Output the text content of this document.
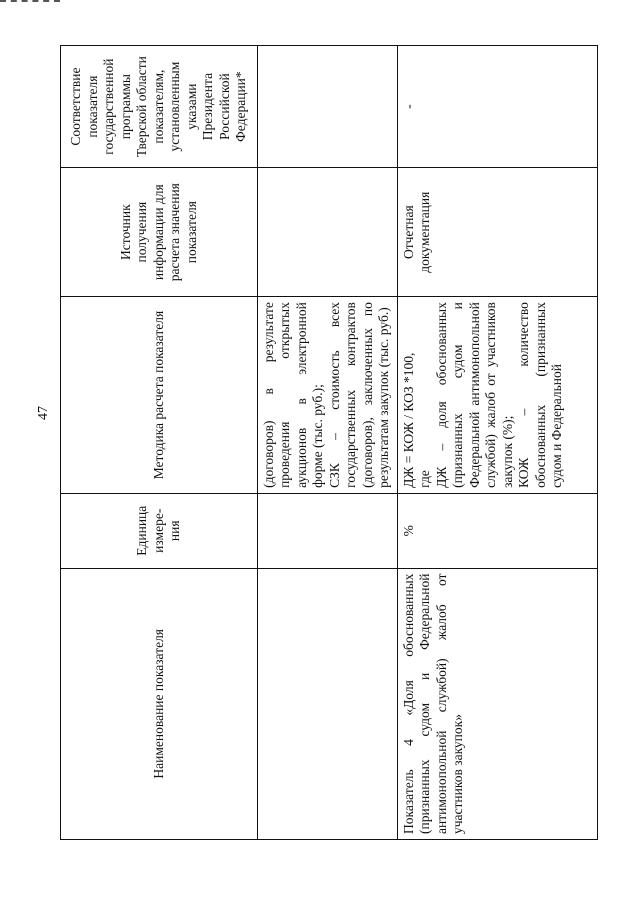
47
Наименование показателя	Единица измере-ния	Методика расчета показателя	Источник получения информации для расчета значения показателя	Соответствие показателя государственной программы Тверской области показателям, установленным указами Президента Российской Федерации*

		(договоров) в результате проведения открытых аукционов в электронной форме (тыс. руб.); СЗК – стоимость всех государственных контрактов (договоров), заключенных по результатам закупок (тыс. руб.)		

Показатель 4 «Доля обоснованных (признанных судом и Федеральной антимонопольной службой) жалоб от участников закупок»	%	ДЖ = КОЖ / КОЗ *100, где ДЖ – доля обоснованных (признанных судом и Федеральной антимонопольной службой) жалоб от участников закупок (%); КОЖ – количество обоснованных (признанных судом и Федеральной	Отчетная документация	-
